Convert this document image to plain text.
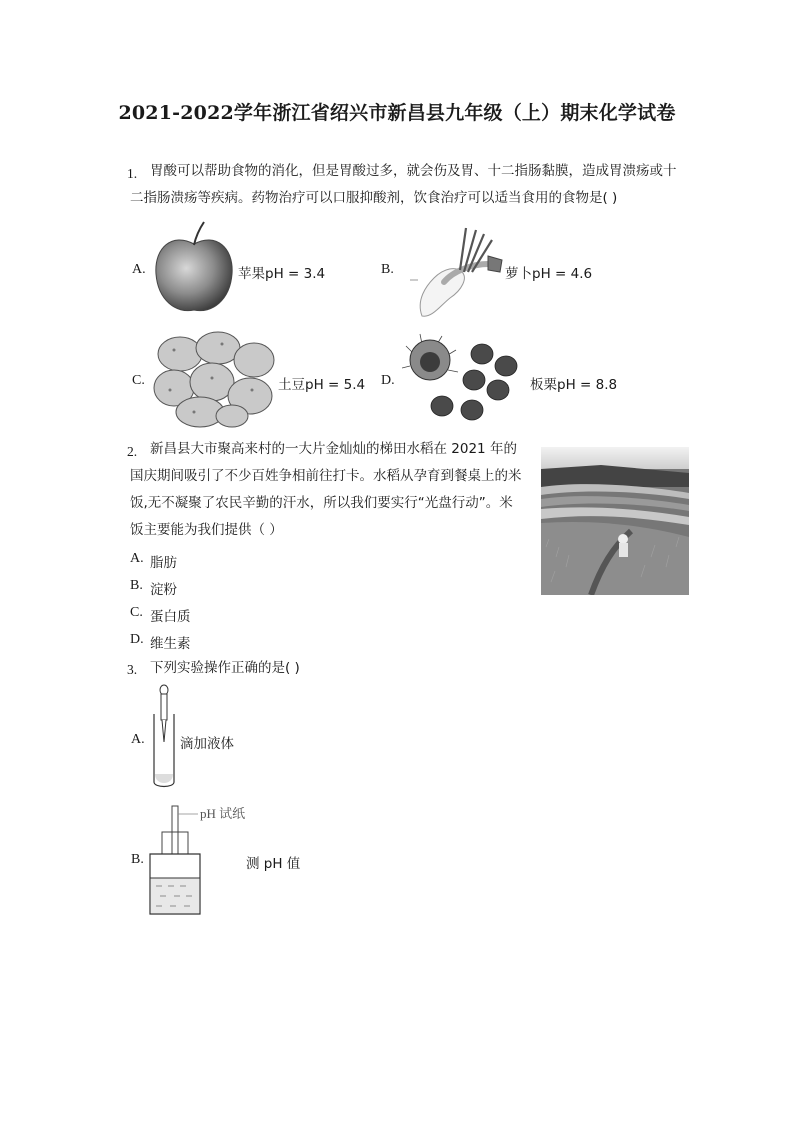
2021-2022学年浙江省绍兴市新昌县九年级（上）期末化学试卷
1. 胃酸可以帮助食物的消化，但是胃酸过多，就会伤及胃、十二指肠黏膜，造成胃溃疡或十
二指肠溃疡等疾病。药物治疗可以口服抑酸剂，饮食治疗可以适当食用的食物是( )
A.	苹果pH = 3.4	B.	萝卜pH = 4.6
C.	土豆pH = 5.4 D.	板栗pH = 8.8
2. 新昌县大市聚高来村的一大片金灿灿的梯田水稻在 2021 年的
国庆期间吸引了不少百姓争相前往打卡。水稻从孕育到餐桌上的米
饭,无不凝聚了农民辛勤的汗水，所以我们要实行“光盘行动”。米
饭主要能为我们提供（ ）
A. 脂肪
B. 淀粉
C. 蛋白质
D. 维生素
3. 下列实验操作正确的是( )
A.	滴加液体
B.
pH 试纸
测 pH 值
